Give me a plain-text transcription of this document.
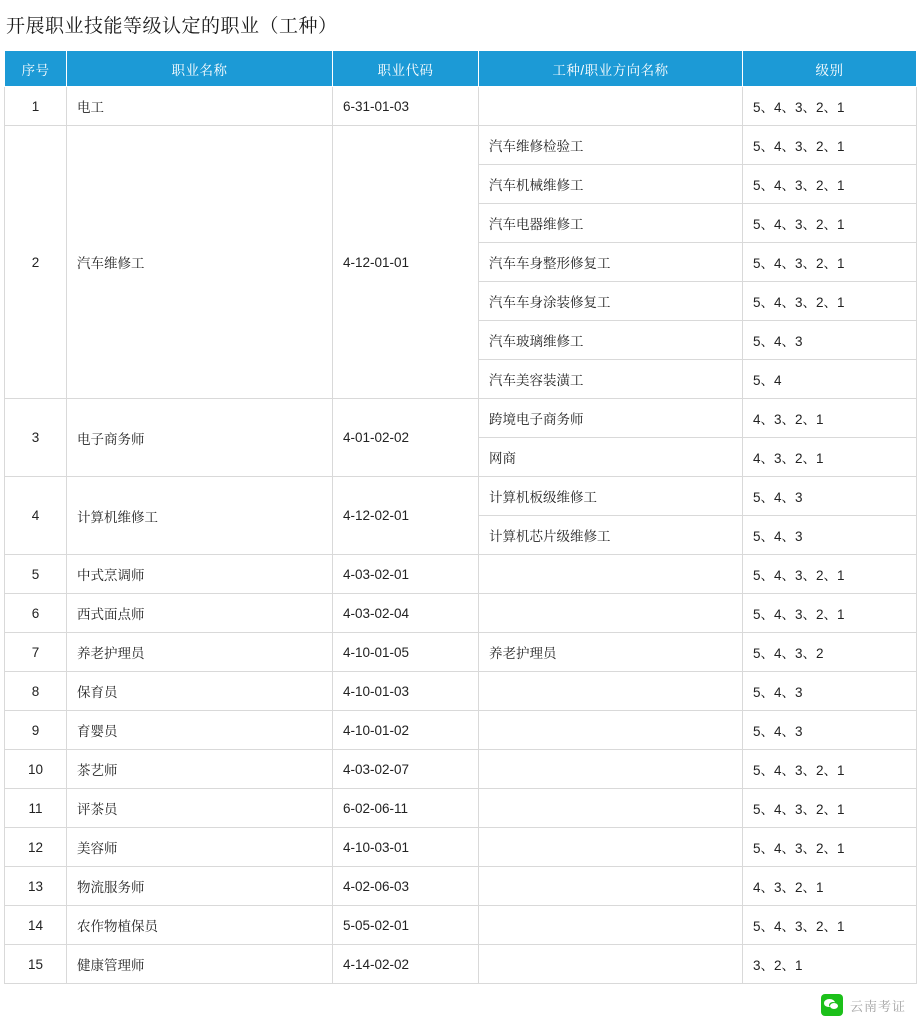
开展职业技能等级认定的职业（工种）
序号	职业名称	职业代码	工种/职业方向名称	级别
1	电工	6-31-01-03		5、4、3、2、1
2	汽车维修工	4-12-01-01	汽车维修检验工	5、4、3、2、1
			汽车机械维修工	5、4、3、2、1
			汽车电器维修工	5、4、3、2、1
			汽车车身整形修复工	5、4、3、2、1
			汽车车身涂装修复工	5、4、3、2、1
			汽车玻璃维修工	5、4、3
			汽车美容装潢工	5、4
3	电子商务师	4-01-02-02	跨境电子商务师	4、3、2、1
			网商	4、3、2、1
4	计算机维修工	4-12-02-01	计算机板级维修工	5、4、3
			计算机芯片级维修工	5、4、3
5	中式烹调师	4-03-02-01		5、4、3、2、1
6	西式面点师	4-03-02-04		5、4、3、2、1
7	养老护理员	4-10-01-05	养老护理员	5、4、3、2
8	保育员	4-10-01-03		5、4、3
9	育婴员	4-10-01-02		5、4、3
10	茶艺师	4-03-02-07		5、4、3、2、1
11	评茶员	6-02-06-11		5、4、3、2、1
12	美容师	4-10-03-01		5、4、3、2、1
13	物流服务师	4-02-06-03		4、3、2、1
14	农作物植保员	5-05-02-01		5、4、3、2、1
15	健康管理师	4-14-02-02		3、2、1
云南考证
